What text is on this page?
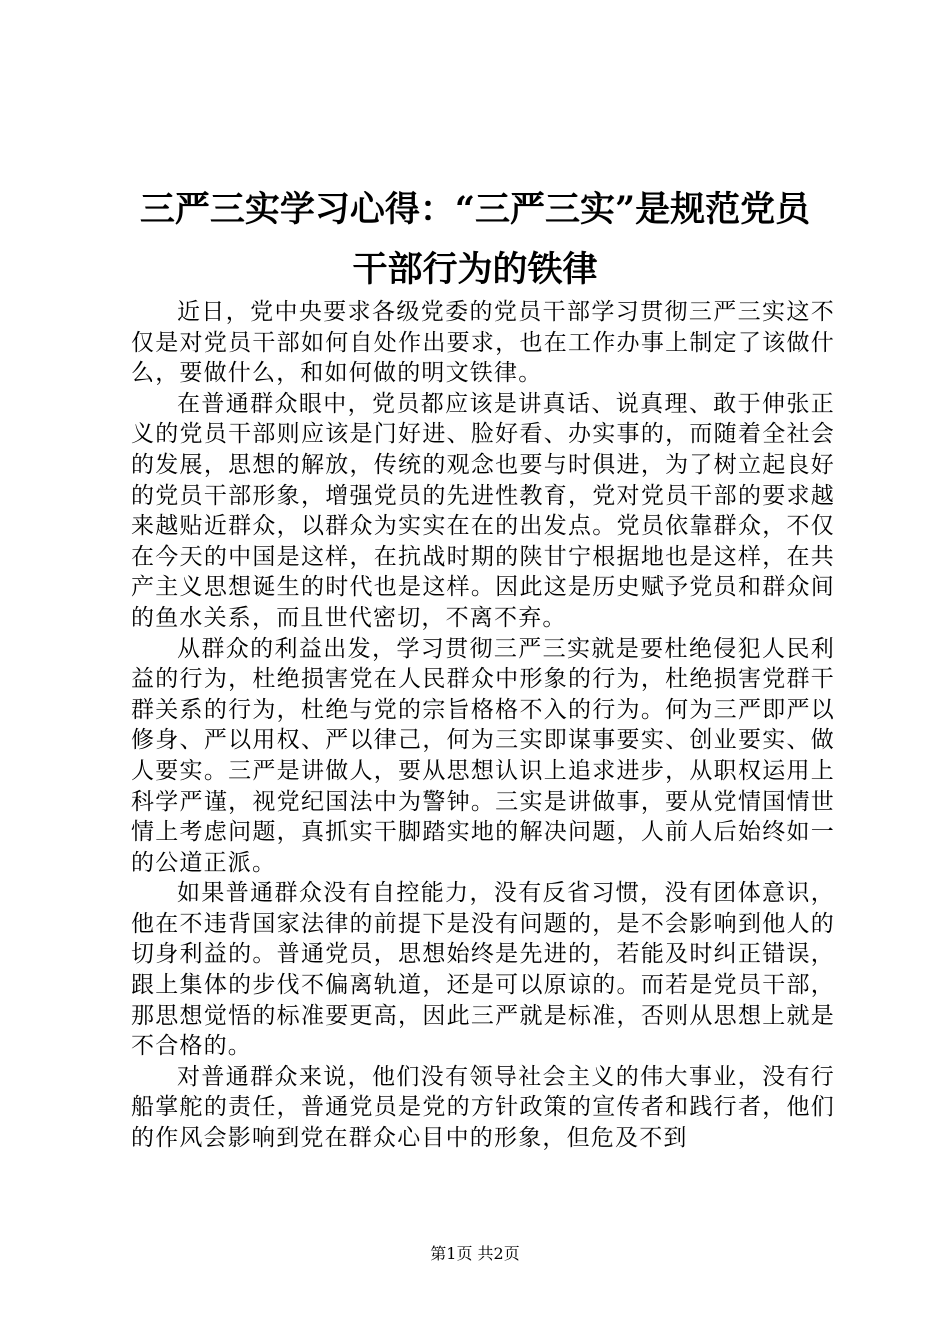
三严三实学习心得：“三严三实”是规范党员
干部行为的铁律

近日，党中央要求各级党委的党员干部学习贯彻三严三实这不仅是对党员干部如何自处作出要求，也在工作办事上制定了该做什么，要做什么，和如何做的明文铁律。

在普通群众眼中，党员都应该是讲真话、说真理、敢于伸张正义的党员干部则应该是门好进、脸好看、办实事的，而随着全社会的发展，思想的解放，传统的观念也要与时俱进，为了树立起良好的党员干部形象，增强党员的先进性教育，党对党员干部的要求越来越贴近群众，以群众为实实在在的出发点。党员依靠群众，不仅在今天的中国是这样，在抗战时期的陕甘宁根据地也是这样，在共产主义思想诞生的时代也是这样。因此这是历史赋予党员和群众间的鱼水关系，而且世代密切，不离不弃。

从群众的利益出发，学习贯彻三严三实就是要杜绝侵犯人民利益的行为，杜绝损害党在人民群众中形象的行为，杜绝损害党群干群关系的行为，杜绝与党的宗旨格格不入的行为。何为三严即严以修身、严以用权、严以律己，何为三实即谋事要实、创业要实、做人要实。三严是讲做人，要从思想认识上追求进步，从职权运用上科学严谨，视党纪国法中为警钟。三实是讲做事，要从党情国情世情上考虑问题，真抓实干脚踏实地的解决问题，人前人后始终如一的公道正派。

如果普通群众没有自控能力，没有反省习惯，没有团体意识，他在不违背国家法律的前提下是没有问题的，是不会影响到他人的切身利益的。普通党员，思想始终是先进的，若能及时纠正错误，跟上集体的步伐不偏离轨道，还是可以原谅的。而若是党员干部，那思想觉悟的标准要更高，因此三严就是标准，否则从思想上就是不合格的。

对普通群众来说，他们没有领导社会主义的伟大事业，没有行船掌舵的责任，普通党员是党的方针政策的宣传者和践行者，他们的作风会影响到党在群众心目中的形象，但危及不到

第1页 共2页
